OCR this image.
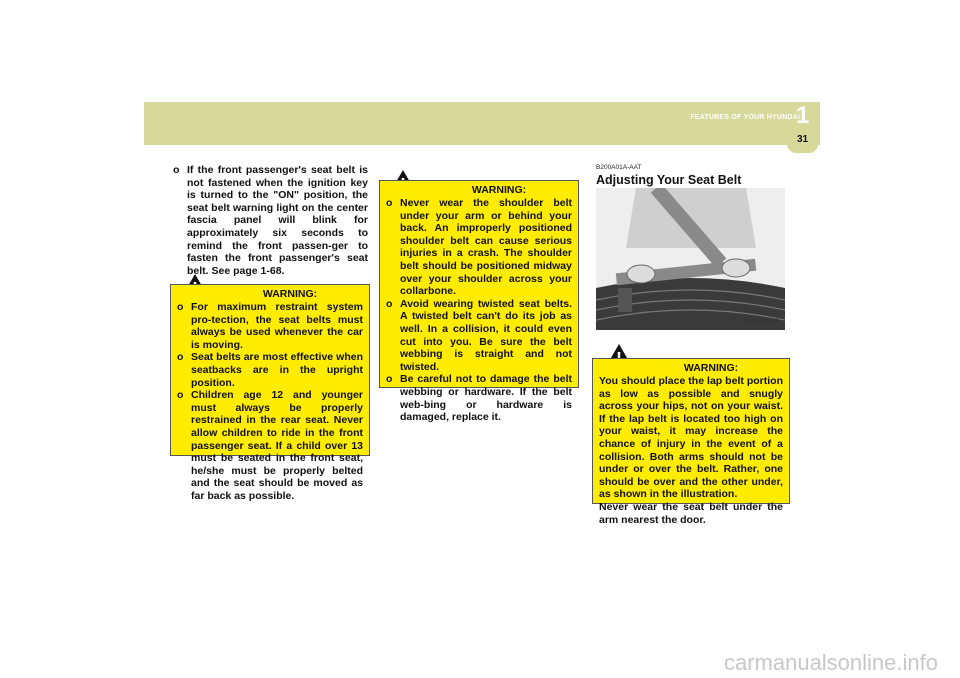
FEATURES OF YOUR HYUNDAI
1
31
o If the front passenger's seat belt is not fastened when the ignition key is turned to the "ON" position, the seat belt warning light on the center fascia panel will blink for approximately six seconds to remind the front passen-ger to fasten the front passenger's seat belt. See page 1-68.
WARNING:
o For maximum restraint system pro-tection, the seat belts must always be used whenever the car is moving.
o Seat belts are most effective when seatbacks are in the upright position.
o Children age 12 and younger must always be properly restrained in the rear seat. Never allow children to ride in the front passenger seat. If a child over 13 must be seated in the front seat, he/she must be properly belted and the seat should be moved as far back as possible.
WARNING:
o Never wear the shoulder belt under your arm or behind your back. An improperly positioned shoulder belt can cause serious injuries in a crash. The shoulder belt should be positioned midway over your shoulder across your collarbone.
o Avoid wearing twisted seat belts. A twisted belt can't do its job as well. In a collision, it could even cut into you. Be sure the belt webbing is straight and not twisted.
o Be careful not to damage the belt webbing or hardware. If the belt web-bing or hardware is damaged, replace it.
B200A01A-AAT
Adjusting Your Seat Belt
B200A01NF
WARNING:
You should place the lap belt portion as low as possible and snugly across your hips, not on your waist. If the lap belt is located too high on your waist, it may increase the chance of injury in the event of a collision. Both arms should not be under or over the belt. Rather, one should be over and the other under, as shown in the illustration.
Never wear the seat belt under the arm nearest the door.
carmanualsonline.info
